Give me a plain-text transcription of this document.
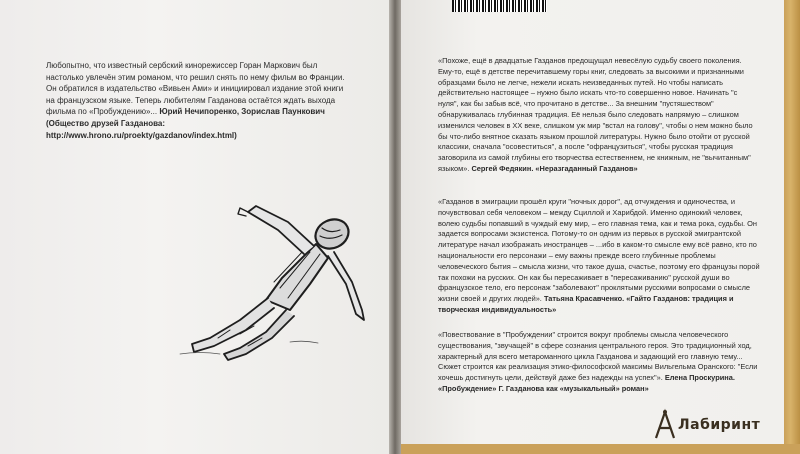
Любопытно, что известный сербский кинорежиссер Горан Маркович был настолько увлечён этим романом, что решил снять по нему фильм во Франции. Он обратился в издательство «Вивьен Ами» и инициировал издание этой книги на французском языке. Теперь любителям Газданова остаётся ждать выхода фильма по «Пробуждению»... Юрий Нечипоренко, Зорислав Паункович (Общество друзей Газданова: http://www.hrono.ru/proekty/gazdanov/index.html)
«Похоже, ещё в двадцатые Газданов предощущал невесёлую судьбу своего поколения. Ему-то, ещё в детстве перечитавшему горы книг, следовать за высокими и признанными образцами было не легче, нежели искать неизведанных путей. Но чтобы написать действительно настоящее – нужно было искать что-то совершенно новое. Начинать "с нуля", как бы забыв всё, что прочитано в детстве... За внешним "пустяшеством" обнаруживалась глубинная традиция. Её нельзя было следовать напрямую – слишком изменился человек в XX веке, слишком уж мир "встал на голову", чтобы о нем можно было бы что-либо внятное сказать языком прошлой литературы. Нужно было отойти от русской классики, сначала "осовеститься", а после "офранцузиться", чтобы русская традиция заговорила из самой глубины его творчества естественнем, не книжным, не "вычитанным" языком». Сергей Федякин. «Неразгаданный Газданов»
«Газданов в эмиграции прошёл круги "ночных дорог", ад отчуждения и одиночества, и почувствовал себя человеком – между Сциллой и Харибдой. Именно одинокий человек, волею судьбы попавший в чуждый ему мир, – его главная тема, как и тема рока, судьбы. Он задается вопросами экзистенса. Потому-то он одним из первых в русской эмигрантской литературе начал изображать иностранцев – ...ибо в каком-то смысле ему всё равно, кто по национальности его персонажи – ему важны прежде всего глубинные проблемы человеческого бытия – смысла жизни, что такое душа, счастье, поэтому его французы порой так похожи на русских. Он как бы пересаживает в "пересаживанию" русской души во французское тело, его персонаж "заболевают" проклятыми русскими вопросами о смысле жизни своей и других людей». Татьяна Красавченко. «Гайто Газданов: традиция и творческая индивидуальность»
«Повествование в "Пробуждении" строится вокруг проблемы смысла человеческого существования, "звучащей" в сфере сознания центрального героя. Это традиционный ход, характерный для всего метароманного цикла Газданова и задающий его главную тему... Сюжет строится как реализация этико-философской максимы Вильгельма Оранского: "Если хочешь достигнуть цели, действуй даже без надежды на успех"». Елена Проскурина. «Пробуждение» Г. Газданова как «музыкальный» роман»
Лабиринт
